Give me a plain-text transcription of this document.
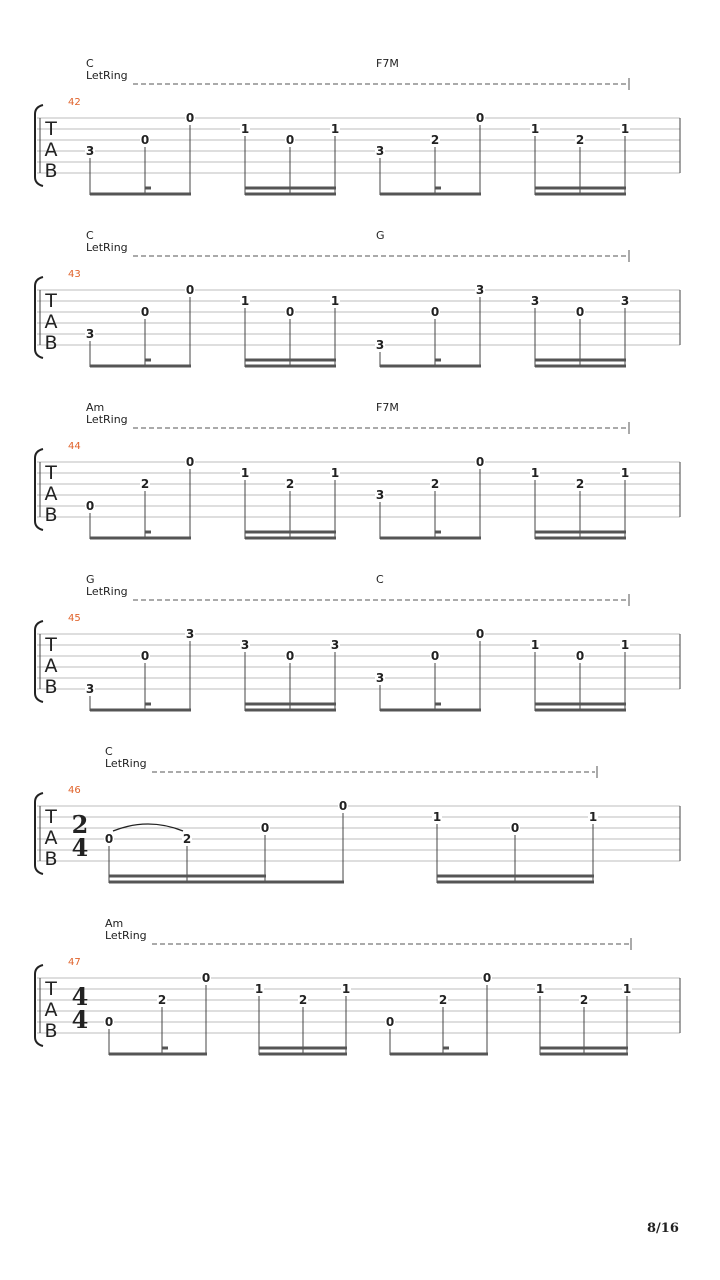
42
C	F7M
LetRing
T
A
B
3
0
0
1
0
1
3
2
0
1
2
1
43
C	G
LetRing
T
A
B 3
0
0
1
0
1
3
0
3
3
0
3
44
Am	F7M
LetRing
T
A
B 0
2
0
1
2
1
3
2
0
1
2
1
45
G	C
LetRing
T
A
B 3
0
3
3
0
3
3
0
0
1
0
1
46
C
LetRing
T
A
B
2
4 0	2
0
0
1
0
1
47
Am
LetRing
T
A
B
4
4 0
2
0
1
2
1
0
2
0
1
2
1
8/16
